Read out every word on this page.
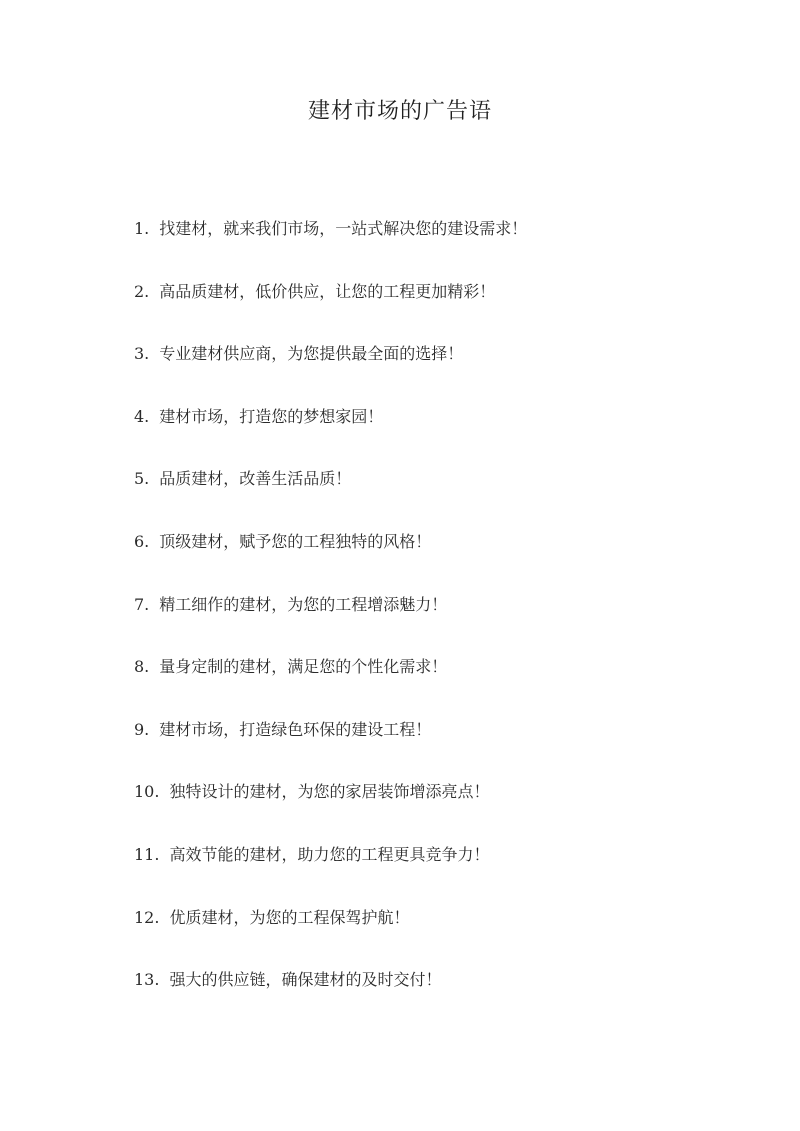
建材市场的广告语
1. 找建材，就来我们市场，一站式解决您的建设需求！
2. 高品质建材，低价供应，让您的工程更加精彩！
3. 专业建材供应商，为您提供最全面的选择！
4. 建材市场，打造您的梦想家园！
5. 品质建材，改善生活品质！
6. 顶级建材，赋予您的工程独特的风格！
7. 精工细作的建材，为您的工程增添魅力！
8. 量身定制的建材，满足您的个性化需求！
9. 建材市场，打造绿色环保的建设工程！
10. 独特设计的建材，为您的家居装饰增添亮点！
11. 高效节能的建材，助力您的工程更具竞争力！
12. 优质建材，为您的工程保驾护航！
13. 强大的供应链，确保建材的及时交付！
